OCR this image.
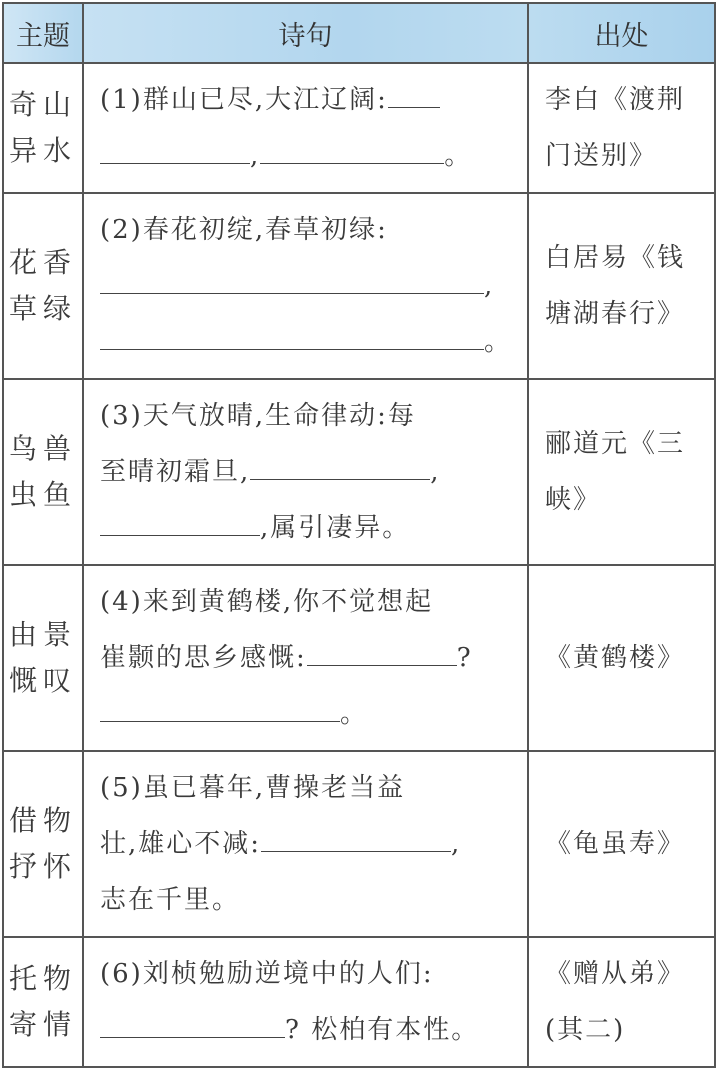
主题	诗句	出处

奇山
异水	(1)群山已尽,大江辽阔:
, 。	李白《渡荆
门送别》

花香
草绿	(2)春花初绽,春草初绿:
,
。	白居易《钱
塘湖春行》

鸟兽
虫鱼	(3)天气放晴,生命律动:每
至晴初霜旦, ,
,属引凄异。	郦道元《三
峡》

由景
慨叹	(4)来到黄鹤楼,你不觉想起
崔颢的思乡感慨: ?
。	《黄鹤楼》

借物
抒怀	(5)虽已暮年,曹操老当益
壮,雄心不减: ,
志在千里。	《龟虽寿》

托物
寄情	(6)刘桢勉励逆境中的人们:
? 松柏有本性。	《赠从弟》
(其二)
